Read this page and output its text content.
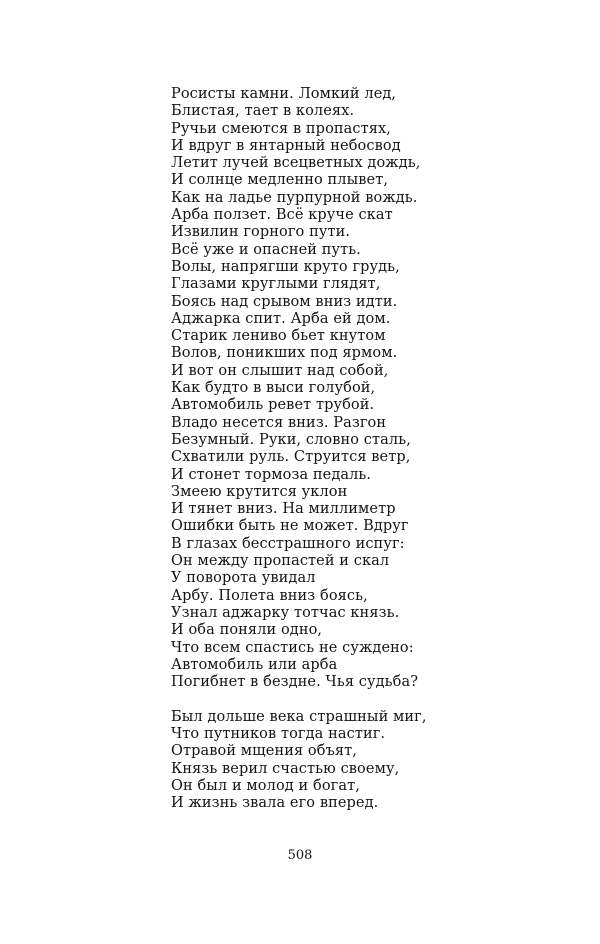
Росисты камни. Ломкий лед,
Блистая, тает в колеях.
Ручьи смеются в пропастях,
И вдруг в янтарный небосвод
Летит лучей всецветных дождь,
И солнце медленно плывет,
Как на ладье пурпурной вождь.
Арба ползет. Всё круче скат
Извилин горного пути.
Всё уже и опасней путь.
Волы, напрягши круто грудь,
Глазами круглыми глядят,
Боясь над срывом вниз идти.
Аджарка спит. Арба ей дом.
Старик лениво бьет кнутом
Волов, поникших под ярмом.
И вот он слышит над собой,
Как будто в выси голубой,
Автомобиль ревет трубой.
Владо несется вниз. Разгон
Безумный. Руки, словно сталь,
Схватили руль. Струится ветр,
И стонет тормоза педаль.
Змеею крутится уклон
И тянет вниз. На миллиметр
Ошибки быть не может. Вдруг
В глазах бесстрашного испуг:
Он между пропастей и скал
У поворота увидал
Арбу. Полета вниз боясь,
Узнал аджарку тотчас князь.
И оба поняли одно,
Что всем спастись не суждено:
Автомобиль или арба
Погибнет в бездне. Чья судьба?
Был дольше века страшный миг,
Что путников тогда настиг.
Отравой мщения объят,
Князь верил счастью своему,
Он был и молод и богат,
И жизнь звала его вперед.
508
